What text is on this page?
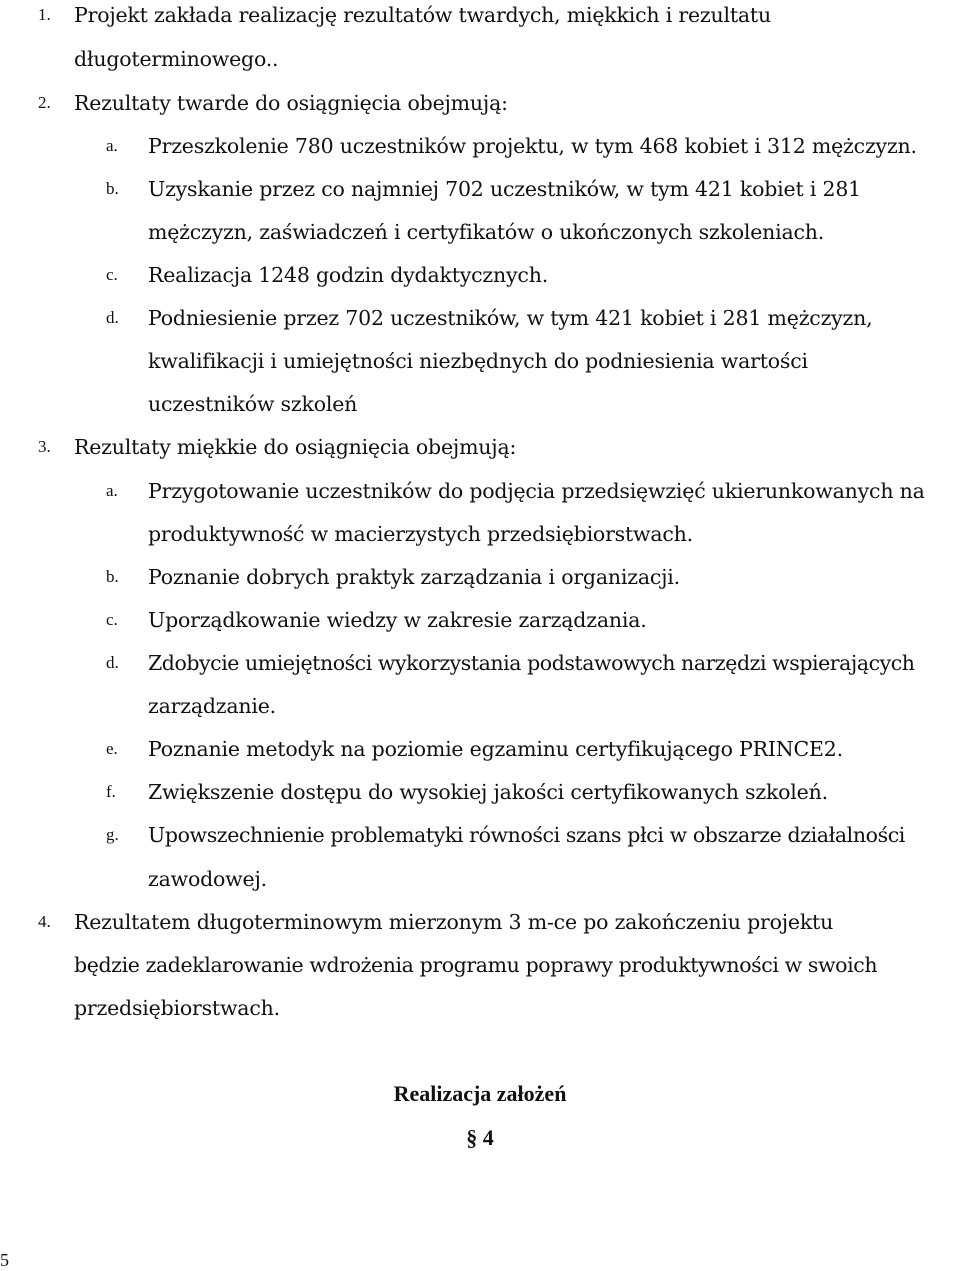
1. Projekt zakłada realizację rezultatów twardych, miękkich i rezultatu
długoterminowego..
2. Rezultaty twarde do osiągnięcia obejmują:
a. Przeszkolenie 780 uczestników projektu, w tym 468 kobiet i 312 mężczyzn.
b. Uzyskanie przez co najmniej 702 uczestników, w tym 421 kobiet i 281
mężczyzn, zaświadczeń i certyfikatów o ukończonych szkoleniach.
c. Realizacja 1248 godzin dydaktycznych.
d. Podniesienie przez 702 uczestników, w tym 421 kobiet i 281 mężczyzn,
kwalifikacji i umiejętności niezbędnych do podniesienia wartości
uczestników szkoleń
3. Rezultaty miękkie do osiągnięcia obejmują:
a. Przygotowanie uczestników do podjęcia przedsięwzięć ukierunkowanych na
produktywność w macierzystych przedsiębiorstwach.
b. Poznanie dobrych praktyk zarządzania i organizacji.
c. Uporządkowanie wiedzy w zakresie zarządzania.
d. Zdobycie umiejętności wykorzystania podstawowych narzędzi wspierających
zarządzanie.
e. Poznanie metodyk na poziomie egzaminu certyfikującego PRINCE2.
f. Zwiększenie dostępu do wysokiej jakości certyfikowanych szkoleń.
g. Upowszechnienie problematyki równości szans płci w obszarze działalności
zawodowej.
4. Rezultatem długoterminowym mierzonym 3 m-ce po zakończeniu projektu
będzie zadeklarowanie wdrożenia programu poprawy produktywności w swoich
przedsiębiorstwach.
Realizacja założeń
§ 4
5
